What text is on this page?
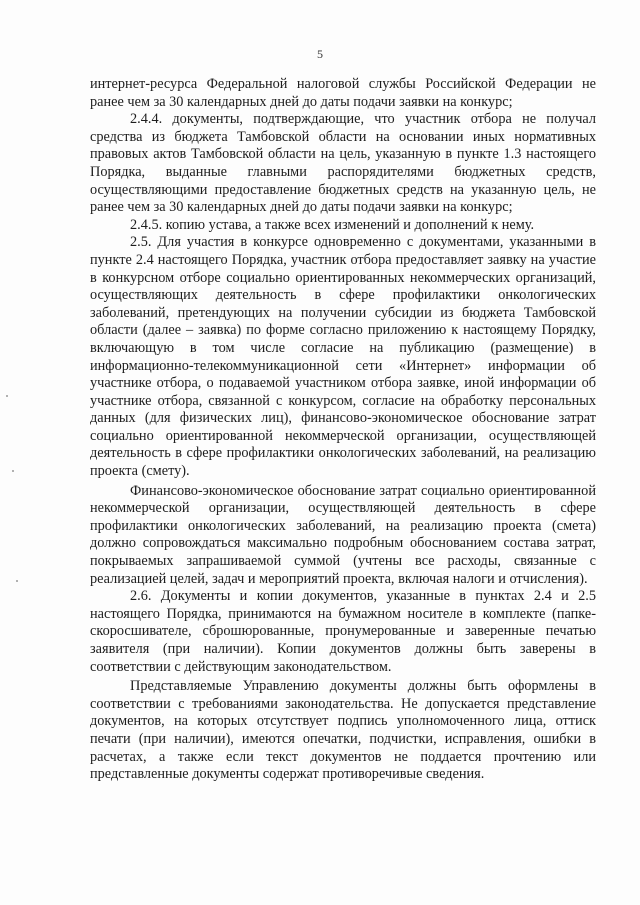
5

интернет-ресурса Федеральной налоговой службы Российской Федерации не ранее чем за 30 календарных дней до даты подачи заявки на конкурс;

2.4.4. документы, подтверждающие, что участник отбора не получал средства из бюджета Тамбовской области на основании иных нормативных правовых актов Тамбовской области на цель, указанную в пункте 1.3 настоящего Порядка, выданные главными распорядителями бюджетных средств, осуществляющими предоставление бюджетных средств на указанную цель, не ранее чем за 30 календарных дней до даты подачи заявки на конкурс;

2.4.5. копию устава, а также всех изменений и дополнений к нему.

2.5. Для участия в конкурсе одновременно с документами, указанными в пункте 2.4 настоящего Порядка, участник отбора предоставляет заявку на участие в конкурсном отборе социально ориентированных некоммерческих организаций, осуществляющих деятельность в сфере профилактики онкологических заболеваний, претендующих на получении субсидии из бюджета Тамбовской области (далее – заявка) по форме согласно приложению к настоящему Порядку, включающую в том числе согласие на публикацию (размещение) в информационно-телекоммуникационной сети «Интернет» информации об участнике отбора, о подаваемой участником отбора заявке, иной информации об участнике отбора, связанной с конкурсом, согласие на обработку персональных данных (для физических лиц), финансово-экономическое обоснование затрат социально ориентированной некоммерческой организации, осуществляющей деятельность в сфере профилактики онкологических заболеваний, на реализацию проекта (смету).

Финансово-экономическое обоснование затрат социально ориентированной некоммерческой организации, осуществляющей деятельность в сфере профилактики онкологических заболеваний, на реализацию проекта (смета) должно сопровождаться максимально подробным обоснованием состава затрат, покрываемых запрашиваемой суммой (учтены все расходы, связанные с реализацией целей, задач и мероприятий проекта, включая налоги и отчисления).

2.6. Документы и копии документов, указанные в пунктах 2.4 и 2.5 настоящего Порядка, принимаются на бумажном носителе в комплекте (папке-скоросшивателе, сброшюрованные, пронумерованные и заверенные печатью заявителя (при наличии). Копии документов должны быть заверены в соответствии с действующим законодательством.

Представляемые Управлению документы должны быть оформлены в соответствии с требованиями законодательства. Не допускается представление документов, на которых отсутствует подпись уполномоченного лица, оттиск печати (при наличии), имеются опечатки, подчистки, исправления, ошибки в расчетах, а также если текст документов не поддается прочтению или представленные документы содержат противоречивые сведения.
